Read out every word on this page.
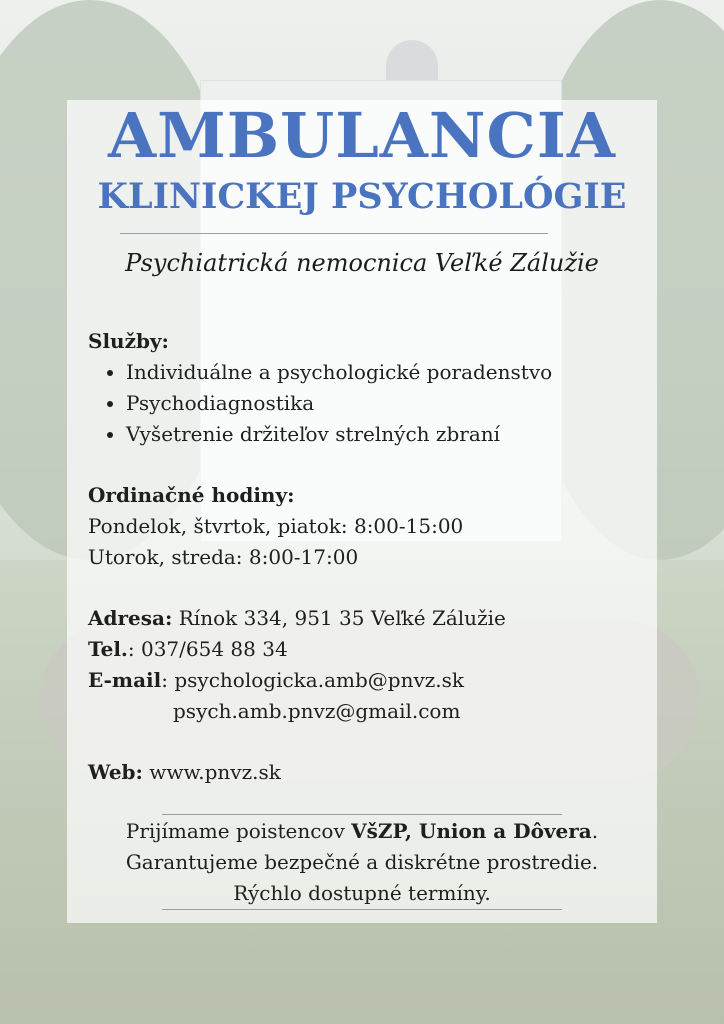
AMBULANCIA
KLINICKEJ PSYCHOLÓGIE
Psychiatrická nemocnica Veľké Zálužie
Služby:
• Individuálne a psychologické poradenstvo
• Psychodiagnostika
• Vyšetrenie držiteľov strelných zbraní
Ordinačné hodiny:
Pondelok, štvrtok, piatok: 8:00-15:00
Utorok, streda: 8:00-17:00
Adresa: Rínok 334, 951 35 Veľké Zálužie
Tel.: 037/654 88 34
E-mail: psychologicka.amb@pnvz.sk
psych.amb.pnvz@gmail.com
Web: www.pnvz.sk
Prijímame poistencov VšZP, Union a Dôvera.
Garantujeme bezpečné a diskrétne prostredie.
Rýchlo dostupné termíny.
